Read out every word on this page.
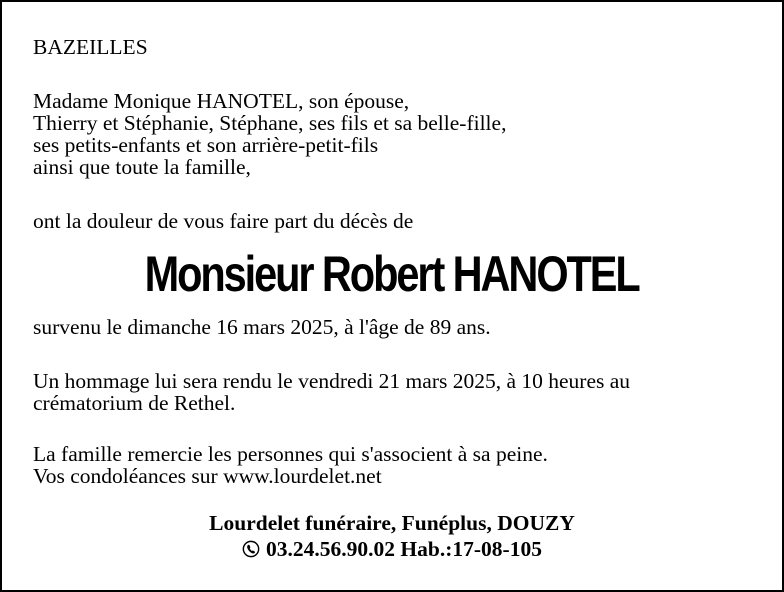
BAZEILLES
Madame Monique HANOTEL, son épouse,
Thierry et Stéphanie, Stéphane, ses fils et sa belle-fille,
ses petits-enfants et son arrière-petit-fils
ainsi que toute la famille,
ont la douleur de vous faire part du décès de
Monsieur Robert HANOTEL
survenu le dimanche 16 mars 2025, à l'âge de 89 ans.
Un hommage lui sera rendu le vendredi 21 mars 2025, à 10 heures au
crématorium de Rethel.
La famille remercie les personnes qui s'associent à sa peine.
Vos condoléances sur www.lourdelet.net
Lourdelet funéraire, Funéplus, DOUZY
03.24.56.90.02 Hab.:17-08-105
